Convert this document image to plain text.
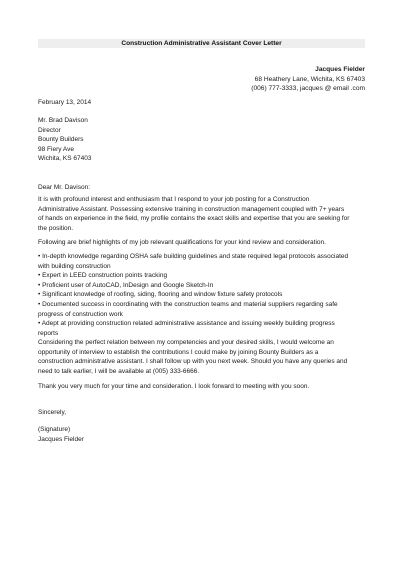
Construction Administrative Assistant Cover Letter
Jacques Fielder
68 Heathery Lane, Wichita, KS 67403
(006) 777-3333, jacques @ email .com
February 13, 2014
Mr. Brad Davison
Director
Bounty Builders
98 Fiery Ave
Wichita, KS 67403
Dear Mr. Davison:
It is with profound interest and enthusiasm that I respond to your job posting for a Construction
Administrative Assistant. Possessing extensive training in construction management coupled with 7+ years
of hands on experience in the field, my profile contains the exact skills and expertise that you are seeking for
the position.
Following are brief highlights of my job relevant qualifications for your kind review and consideration.
• In-depth knowledge regarding OSHA safe building guidelines and state required legal protocols associated
with building construction
• Expert in LEED construction points tracking
• Proficient user of AutoCAD, InDesign and Google Sketch-In
• Significant knowledge of roofing, siding, flooring and window fixture safety protocols
• Documented success in coordinating with the construction teams and material suppliers regarding safe
progress of construction work
• Adept at providing construction related administrative assistance and issuing weekly building progress
reports
Considering the perfect relation between my competencies and your desired skills, I would welcome an
opportunity of interview to establish the contributions I could make by joining Bounty Builders as a
construction administrative assistant. I shall follow up with you next week. Should you have any queries and
need to talk earlier, I will be available at (005) 333-6666.
Thank you very much for your time and consideration. I look forward to meeting with you soon.
Sincerely,
(Signature)
Jacques Fielder
